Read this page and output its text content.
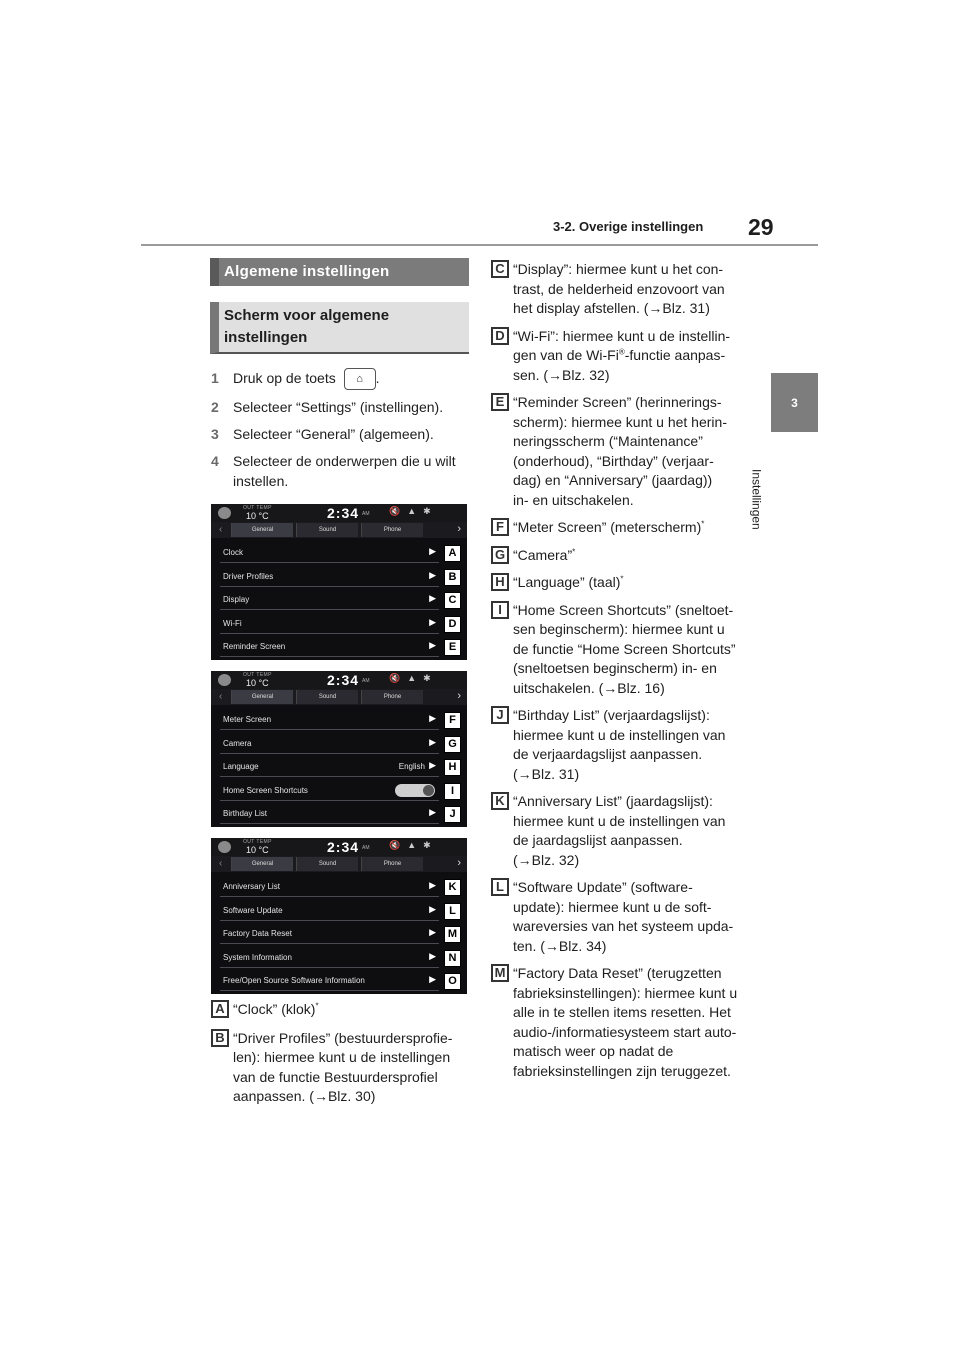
3-2. Overige instellingen 29
3
Instellingen
Algemene instellingen
Scherm voor algemene instellingen
1	Druk op de toets ⌂ .
2	Selecteer “Settings” (instellingen).
3	Selecteer “General” (algemeen).
4	Selecteer de onderwerpen die u wilt instellen.
OUT TEMP
10 °C	2:34 AM 🔇▲✱
‹	General	Sound	Phone	›
Clock	▶	A
Driver Profiles	▶	B
Display	▶	C
Wi-Fi	▶	D
Reminder Screen	▶	E
OUT TEMP
10 °C	2:34 AM 🔇▲✱
‹	General	Sound	Phone	›
Meter Screen	▶	F
Camera	▶	G
Language	English ▶	H
Home Screen Shortcuts	I
Birthday List	▶	J
OUT TEMP
10 °C	2:34 AM 🔇▲✱
‹	General	Sound	Phone	›
Anniversary List	▶	K
Software Update	▶	L
Factory Data Reset	▶	M
System Information	▶	N
Free/Open Source Software Information	▶	O
A “Clock” (klok)*
B “Driver Profiles” (bestuurdersprofie-
len): hiermee kunt u de instellingen
van de functie Bestuurdersprofiel
aanpassen. (→Blz. 30)
C “Display”: hiermee kunt u het con-
trast, de helderheid enzovoort van
het display afstellen. (→Blz. 31)
D “Wi-Fi”: hiermee kunt u de instellin-
gen van de Wi-Fi®-functie aanpas-
sen. (→Blz. 32)
E “Reminder Screen” (herinnerings-
scherm): hiermee kunt u het herin-
neringsscherm (“Maintenance”
(onderhoud), “Birthday” (verjaar-
dag) en “Anniversary” (jaardag))
in- en uitschakelen.
F “Meter Screen” (meterscherm)*
G “Camera”*
H “Language” (taal)*
I “Home Screen Shortcuts” (sneltoet-
sen beginscherm): hiermee kunt u
de functie “Home Screen Shortcuts”
(sneltoetsen beginscherm) in- en
uitschakelen. (→Blz. 16)
J “Birthday List” (verjaardagslijst):
hiermee kunt u de instellingen van
de verjaardagslijst aanpassen.
(→Blz. 31)
K “Anniversary List” (jaardagslijst):
hiermee kunt u de instellingen van
de jaardagslijst aanpassen.
(→Blz. 32)
L “Software Update” (software-
update): hiermee kunt u de soft-
wareversies van het systeem upda-
ten. (→Blz. 34)
M “Factory Data Reset” (terugzetten
fabrieksinstellingen): hiermee kunt u
alle in te stellen items resetten. Het
audio-/informatiesysteem start auto-
matisch weer op nadat de
fabrieksinstellingen zijn teruggezet.
